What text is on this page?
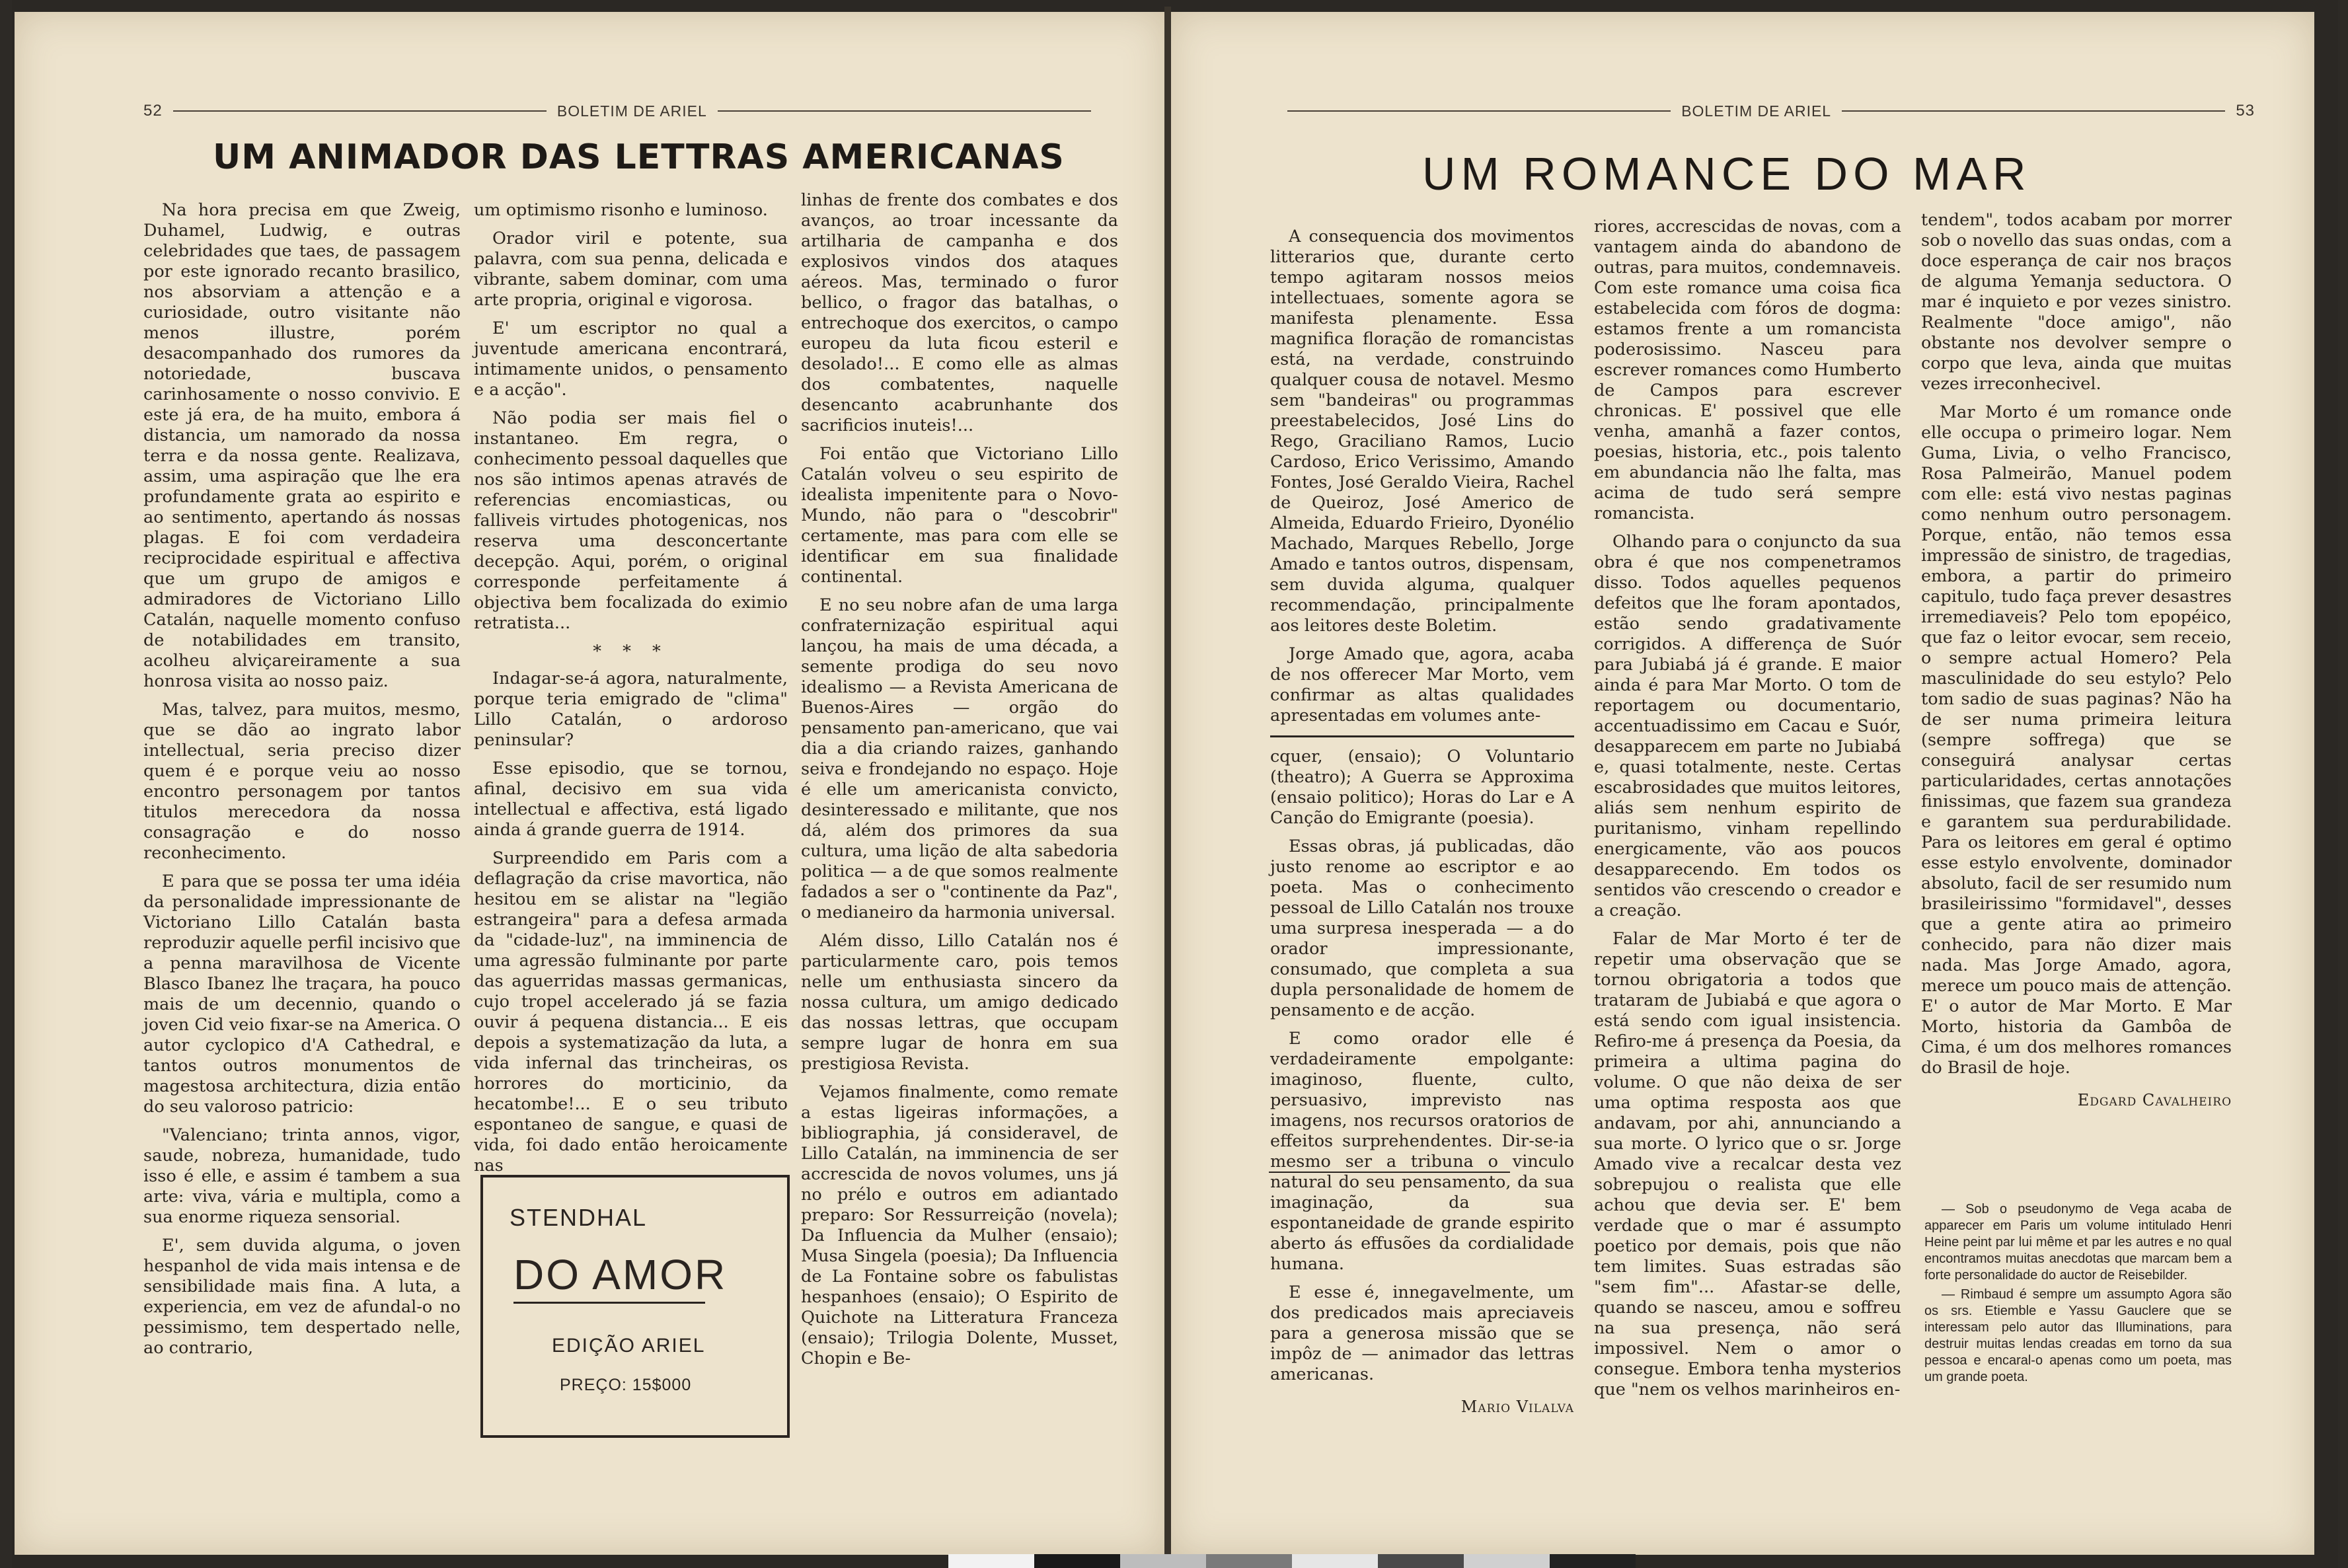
52	BOLETIM DE ARIEL
UM ANIMADOR DAS LETTRAS AMERICANAS

Na hora precisa em que Zweig, Duhamel, Ludwig, e outras celebridades que taes, de passagem por este ignorado recanto brasilico, nos absorviam a attenção e a curiosidade, outro visitante não menos illustre, porém desacompanhado dos rumores da notoriedade, buscava carinhosamente o nosso convivio. E este já era, de ha muito, embora á distancia, um namorado da nossa terra e da nossa gente. Realizava, assim, uma aspiração que lhe era profundamente grata ao espirito e ao sentimento, apertando ás nossas plagas. E foi com verdadeira reciprocidade espiritual e affectiva que um grupo de amigos e admiradores de Victoriano Lillo Catalán, naquelle momento confuso de notabilidades em transito, acolheu alviçareiramente a sua honrosa visita ao nosso paiz.

Mas, talvez, para muitos, mesmo, que se dão ao ingrato labor intellectual, seria preciso dizer quem é e porque veiu ao nosso encontro personagem por tantos titulos merecedora da nossa consagração e do nosso reconhecimento.

E para que se possa ter uma idéia da personalidade impressionante de Victoriano Lillo Catalán basta reproduzir aquelle perfil incisivo que a penna maravilhosa de Vicente Blasco Ibanez lhe traçara, ha pouco mais de um decennio, quando o joven Cid veio fixar-se na America. O autor cyclopico d'A Cathedral, e tantos outros monumentos de magestosa architectura, dizia então do seu valoroso patricio:

"Valenciano; trinta annos, vigor, saude, nobreza, humanidade, tudo isso é elle, e assim é tambem a sua arte: viva, vária e multipla, como a sua enorme riqueza sensorial.

E', sem duvida alguma, o joven hespanhol de vida mais intensa e de sensibilidade mais fina. A luta, a experiencia, em vez de afundal-o no pessimismo, tem despertado nelle, ao contrario,

um optimismo risonho e luminoso.

Orador viril e potente, sua palavra, com sua penna, delicada e vibrante, sabem dominar, com uma arte propria, original e vigorosa.

E' um escriptor no qual a juventude americana encontrará, intimamente unidos, o pensamento e a acção".

Não podia ser mais fiel o instantaneo. Em regra, o conhecimento pessoal daquelles que nos são intimos apenas através de referencias encomiasticas, ou falliveis virtudes photogenicas, nos reserva uma desconcertante decepção. Aqui, porém, o original corresponde perfeitamente á objectiva bem focalizada do eximio retratista...

* * *

Indagar-se-á agora, naturalmente, porque teria emigrado de "clima" Lillo Catalán, o ardoroso peninsular?

Esse episodio, que se tornou, afinal, decisivo em sua vida intellectual e affectiva, está ligado ainda á grande guerra de 1914.

Surpreendido em Paris com a deflagração da crise mavortica, não hesitou em se alistar na "legião estrangeira" para a defesa armada da "cidade-luz", na imminencia de uma agressão fulminante por parte das aguerridas massas germanicas, cujo tropel accelerado já se fazia ouvir á pequena distancia... E eis depois a systematização da luta, a vida infernal das trincheiras, os horrores do morticinio, da hecatombe!... E o seu tributo espontaneo de sangue, e quasi de vida, foi dado então heroicamente nas

linhas de frente dos combates e dos avanços, ao troar incessante da artilharia de campanha e dos explosivos vindos dos ataques aéreos. Mas, terminado o furor bellico, o fragor das batalhas, o entrechoque dos exercitos, o campo europeu da luta ficou esteril e desolado!... E como elle as almas dos combatentes, naquelle desencanto acabrunhante dos sacrificios inuteis!...

Foi então que Victoriano Lillo Catalán volveu o seu espirito de idealista impenitente para o Novo-Mundo, não para o "descobrir" certamente, mas para com elle se identificar em sua finalidade continental.

E no seu nobre afan de uma larga confraternização espiritual aqui lançou, ha mais de uma década, a semente prodiga do seu novo idealismo — a Revista Americana de Buenos-Aires — orgão do pensamento pan-americano, que vai dia a dia criando raizes, ganhando seiva e frondejando no espaço. Hoje é elle um americanista convicto, desinteressado e militante, que nos dá, além dos primores da sua cultura, uma lição de alta sabedoria politica — a de que somos realmente fadados a ser o "continente da Paz", o medianeiro da harmonia universal.

Além disso, Lillo Catalán nos é particularmente caro, pois temos nelle um enthusiasta sincero da nossa cultura, um amigo dedicado das nossas lettras, que occupam sempre lugar de honra em sua prestigiosa Revista.

Vejamos finalmente, como remate a estas ligeiras informações, a bibliographia, já consideravel, de Lillo Catalán, na imminencia de ser accrescida de novos volumes, uns já no prélo e outros em adiantado preparo: Sor Ressurreição (novela); Da Influencia da Mulher (ensaio); Musa Singela (poesia); Da Influencia de La Fontaine sobre os fabulistas hespanhoes (ensaio); O Espirito de Quichote na Litteratura Franceza (ensaio); Trilogia Dolente, Musset, Chopin e Be-

STENDHAL
DO AMOR
EDIÇÃO ARIEL
PREÇO: 15$000
BOLETIM DE ARIEL	53
UM ROMANCE DO MAR

A consequencia dos movimentos litterarios que, durante certo tempo agitaram nossos meios intellectuaes, somente agora se manifesta plenamente. Essa magnifica floração de romancistas está, na verdade, construindo qualquer cousa de notavel. Mesmo sem "bandeiras" ou programmas preestabelecidos, José Lins do Rego, Graciliano Ramos, Lucio Cardoso, Erico Verissimo, Amando Fontes, José Geraldo Vieira, Rachel de Queiroz, José Americo de Almeida, Eduardo Frieiro, Dyonélio Machado, Marques Rebello, Jorge Amado e tantos outros, dispensam, sem duvida alguma, qualquer recommendação, principalmente aos leitores deste Boletim.

Jorge Amado que, agora, acaba de nos offerecer Mar Morto, vem confirmar as altas qualidades apresentadas em volumes ante-

cquer, (ensaio); O Voluntario (theatro); A Guerra se Approxima (ensaio politico); Horas do Lar e A Canção do Emigrante (poesia).

Essas obras, já publicadas, dão justo renome ao escriptor e ao poeta. Mas o conhecimento pessoal de Lillo Catalán nos trouxe uma surpresa inesperada — a do orador impressionante, consumado, que completa a sua dupla personalidade de homem de pensamento e de acção.

E como orador elle é verdadeiramente empolgante: imaginoso, fluente, culto, persuasivo, imprevisto nas imagens, nos recursos oratorios de effeitos surprehendentes. Dir-se-ia mesmo ser a tribuna o vinculo natural do seu pensamento, da sua imaginação, da sua espontaneidade de grande espirito aberto ás effusões da cordialidade humana.

E esse é, innegavelmente, um dos predicados mais apreciaveis para a generosa missão que se impôz de — animador das lettras americanas.

Mario Vilalva

riores, accrescidas de novas, com a vantagem ainda do abandono de outras, para muitos, condemnaveis. Com este romance uma coisa fica estabelecida com fóros de dogma: estamos frente a um romancista poderosissimo. Nasceu para escrever romances como Humberto de Campos para escrever chronicas. E' possivel que elle venha, amanhã a fazer contos, poesias, historia, etc., pois talento em abundancia não lhe falta, mas acima de tudo será sempre romancista.

Olhando para o conjuncto da sua obra é que nos compenetramos disso. Todos aquelles pequenos defeitos que lhe foram apontados, estão sendo gradativamente corrigidos. A differença de Suór para Jubiabá já é grande. E maior ainda é para Mar Morto. O tom de reportagem ou documentario, accentuadissimo em Cacau e Suór, desapparecem em parte no Jubiabá e, quasi totalmente, neste. Certas escabrosidades que muitos leitores, aliás sem nenhum espirito de puritanismo, vinham repellindo energicamente, vão aos poucos desapparecendo. Em todos os sentidos vão crescendo o creador e a creação.

Falar de Mar Morto é ter de repetir uma observação que se tornou obrigatoria a todos que trataram de Jubiabá e que agora o está sendo com igual insistencia. Refiro-me á presença da Poesia, da primeira a ultima pagina do volume. O que não deixa de ser uma optima resposta aos que andavam, por ahi, annunciando a sua morte. O lyrico que o sr. Jorge Amado vive a recalcar desta vez sobrepujou o realista que elle achou que devia ser. E' bem verdade que o mar é assumpto poetico por demais, pois que não tem limites. Suas estradas são "sem fim"... Afastar-se delle, quando se nasceu, amou e soffreu na sua presença, não será impossivel. Nem o amor o consegue. Embora tenha mysterios que "nem os velhos marinheiros en-

tendem", todos acabam por morrer sob o novello das suas ondas, com a doce esperança de cair nos braços de alguma Yemanja seductora. O mar é inquieto e por vezes sinistro. Realmente "doce amigo", não obstante nos devolver sempre o corpo que leva, ainda que muitas vezes irreconhecivel.

Mar Morto é um romance onde elle occupa o primeiro logar. Nem Guma, Livia, o velho Francisco, Rosa Palmeirão, Manuel podem com elle: está vivo nestas paginas como nenhum outro personagem. Porque, então, não temos essa impressão de sinistro, de tragedias, embora, a partir do primeiro capitulo, tudo faça prever desastres irremediaveis? Pelo tom epopéico, que faz o leitor evocar, sem receio, o sempre actual Homero? Pela masculinidade do seu estylo? Pelo tom sadio de suas paginas? Não ha de ser numa primeira leitura (sempre soffrega) que se conseguirá analysar certas particularidades, certas annotações finissimas, que fazem sua grandeza e garantem sua perdurabilidade. Para os leitores em geral é optimo esse estylo envolvente, dominador absoluto, facil de ser resumido num brasileirissimo "formidavel", desses que a gente atira ao primeiro conhecido, para não dizer mais nada. Mas Jorge Amado, agora, merece um pouco mais de attenção. E' o autor de Mar Morto. E Mar Morto, historia da Gambôa de Cima, é um dos melhores romances do Brasil de hoje.

Edgard Cavalheiro

— Sob o pseudonymo de Vega acaba de apparecer em Paris um volume intitulado Henri Heine peint par lui même et par les autres e no qual encontramos muitas anecdotas que marcam bem a forte personalidade do auctor de Reisebilder.

— Rimbaud é sempre um assumpto Agora são os srs. Etiemble e Yassu Gauclere que se interessam pelo autor das Illuminations, para destruir muitas lendas creadas em torno da sua pessoa e encaral-o apenas como um poeta, mas um grande poeta.
